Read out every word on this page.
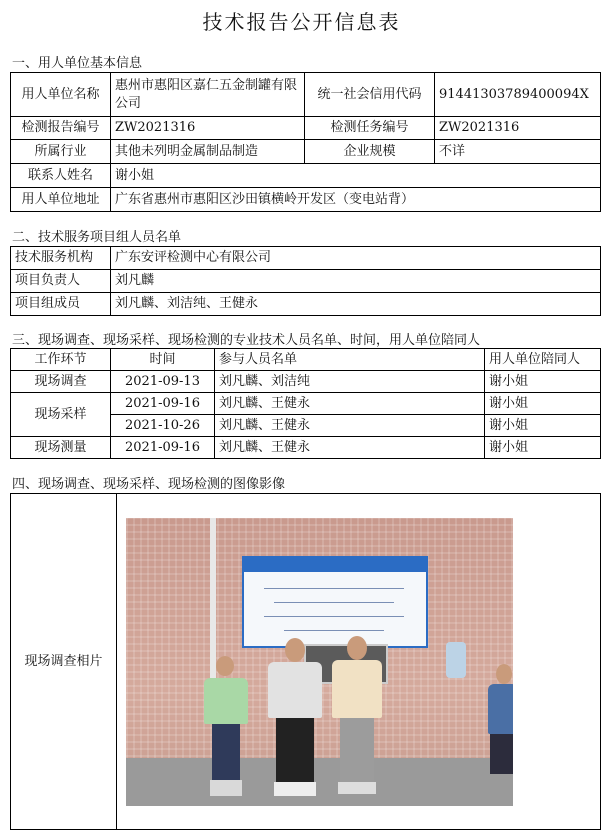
技术报告公开信息表
一、用人单位基本信息
用人单位名称	惠州市惠阳区嘉仁五金制罐有限公司	统一社会信用代码	91441303789400094X
检测报告编号	ZW2021316	检测任务编号	ZW2021316
所属行业	其他未列明金属制品制造	企业规模	不详
联系人姓名	谢小姐		
用人单位地址	广东省惠州市惠阳区沙田镇横岭开发区（变电站背）		
二、技术服务项目组人员名单
技术服务机构	广东安评检测中心有限公司
项目负责人	刘凡麟
项目组成员	刘凡麟、刘洁纯、王健永
三、现场调查、现场采样、现场检测的专业技术人员名单、时间，用人单位陪同人
工作环节	时间	参与人员名单	用人单位陪同人
现场调查	2021-09-13	刘凡麟、刘洁纯	谢小姐
现场采样	2021-09-16	刘凡麟、王健永	谢小姐
	2021-10-26	刘凡麟、王健永	谢小姐
现场测量	2021-09-16	刘凡麟、王健永	谢小姐
四、现场调查、现场采样、现场检测的图像影像
现场调查相片	
